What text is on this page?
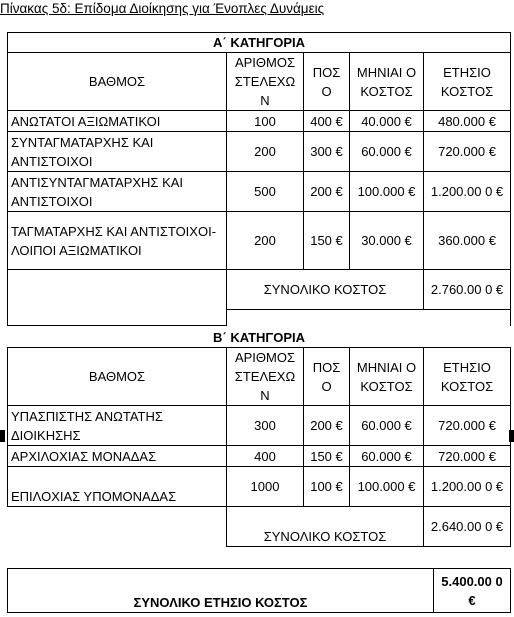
Πίνακας 5δ: Επίδομα Διοίκησης για Ένοπλες Δυνάμεις
Α΄ ΚΑΤΗΓΟΡΙΑ				
ΒΑΘΜΟΣ	ΑΡΙΘΜΟΣ ΣΤΕΛΕΧΩ Ν	ΠΟΣ Ο	ΜΗΝΙΑΙ Ο ΚΟΣΤΟΣ	ΕΤΗΣΙΟ ΚΟΣΤΟΣ
ΑΝΩΤΑΤΟΙ ΑΞΙΩΜΑΤΙΚΟΙ	100	400 €	40.000 €	480.000 €
ΣΥΝΤΑΓΜΑΤΑΡΧΗΣ ΚΑΙ ΑΝΤΙΣΤΟΙΧΟΙ	200	300 €	60.000 €	720.000 €
ΑΝΤΙΣΥΝΤΑΓΜΑΤΑΡΧΗΣ ΚΑΙ ΑΝΤΙΣΤΟΙΧΟΙ	500	200 €	100.000 €	1.200.00 0 €
ΤΑΓΜΑΤΑΡΧΗΣ ΚΑΙ ΑΝΤΙΣΤΟΙΧΟΙ-ΛΟΙΠΟΙ ΑΞΙΩΜΑΤΙΚΟΙ	200	150 €	30.000 €	360.000 €
	ΣΥΝΟΛΙΚΟ ΚΟΣΤΟΣ			2.760.00 0 €

Β΄ ΚΑΤΗΓΟΡΙΑ				
ΒΑΘΜΟΣ	ΑΡΙΘΜΟΣ ΣΤΕΛΕΧΩ Ν	ΠΟΣ Ο	ΜΗΝΙΑΙ Ο ΚΟΣΤΟΣ	ΕΤΗΣΙΟ ΚΟΣΤΟΣ
ΥΠΑΣΠΙΣΤΗΣ ΑΝΩΤΑΤΗΣ ΔΙΟΙΚΗΣΗΣ	300	200 €	60.000 €	720.000 €
ΑΡΧΙΛΟΧΙΑΣ ΜΟΝΑΔΑΣ	400	150 €	60.000 €	720.000 €
ΕΠΙΛΟΧΙΑΣ ΥΠΟΜΟΝΑΔΑΣ	1000	100 €	100.000 €	1.200.00 0 €
	ΣΥΝΟΛΙΚΟ ΚΟΣΤΟΣ			2.640.00 0 €
ΣΥΝΟΛΙΚΟ ΕΤΗΣΙΟ ΚΟΣΤΟΣ	5.400.00 0 €
